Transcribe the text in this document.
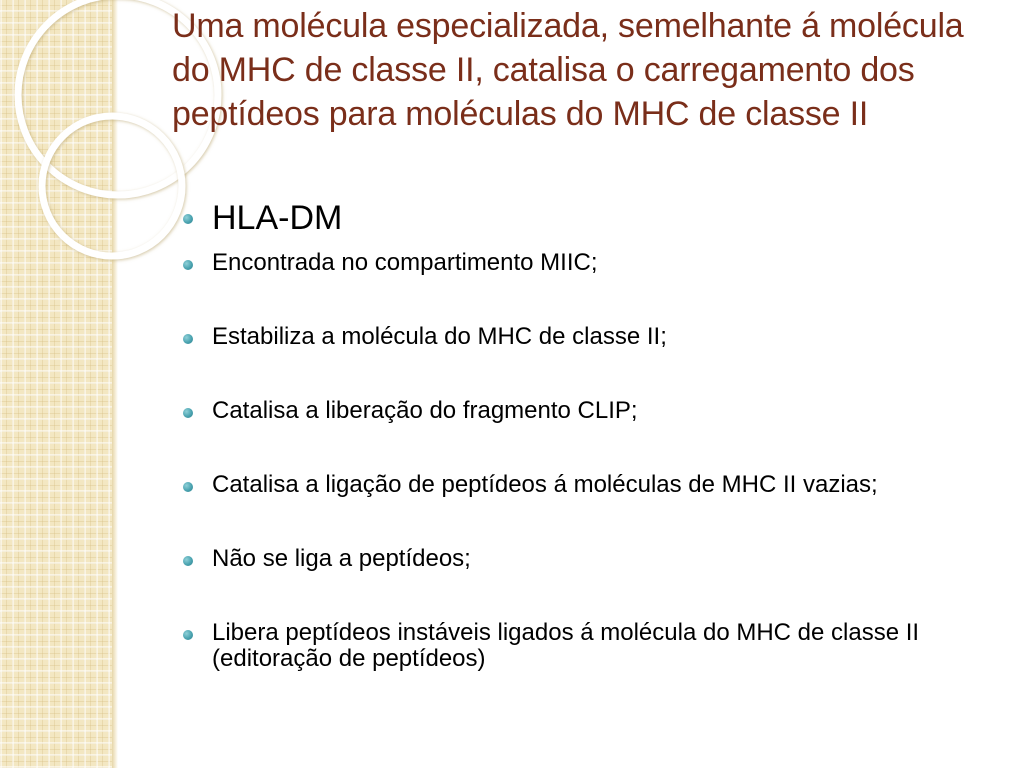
Uma molécula especializada, semelhante á molécula do MHC de classe II, catalisa o carregamento dos peptídeos para moléculas do MHC de classe II
HLA-DM
Encontrada no compartimento MIIC;
Estabiliza a molécula do MHC de classe II;
Catalisa a liberação do fragmento CLIP;
Catalisa a ligação de peptídeos á moléculas de MHC II vazias;
Não se liga a peptídeos;
Libera peptídeos instáveis ligados á molécula do MHC de classe II (editoração de peptídeos)
